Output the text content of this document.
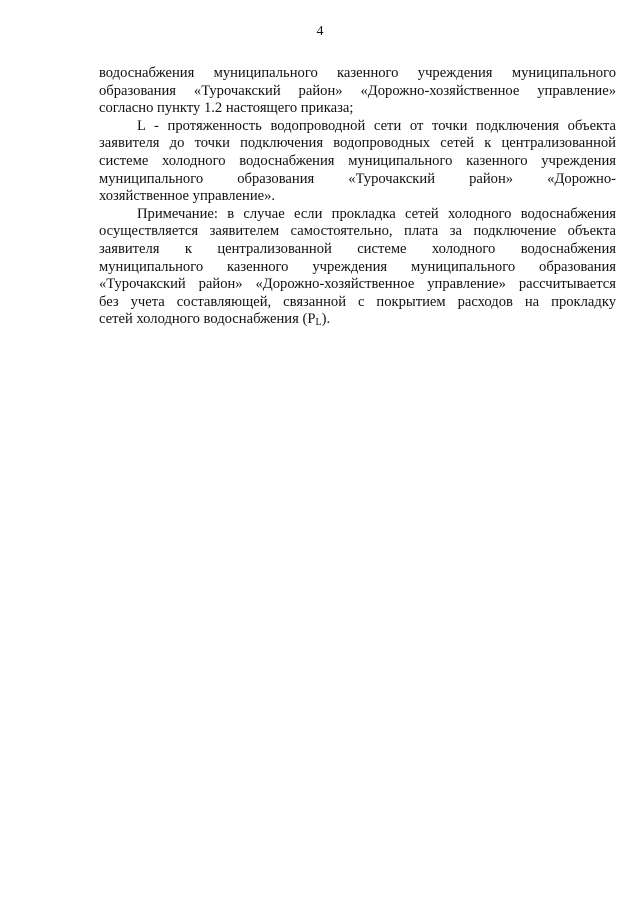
4
водоснабжения муниципального казенного учреждения муниципального
образования «Турочакский район» «Дорожно-хозяйственное управление»
согласно пункту 1.2 настоящего приказа;
L - протяженность водопроводной сети от точки подключения объекта
заявителя до точки подключения водопроводных сетей к централизованной
системе холодного водоснабжения муниципального казенного учреждения
муниципального образования «Турочакский район» «Дорожно-
хозяйственное управление».
Примечание: в случае если прокладка сетей холодного водоснабжения
осуществляется заявителем самостоятельно, плата за подключение объекта
заявителя к централизованной системе холодного водоснабжения
муниципального казенного учреждения муниципального образования
«Турочакский район» «Дорожно-хозяйственное управление» рассчитывается
без учета составляющей, связанной с покрытием расходов на прокладку
сетей холодного водоснабжения $(P_L)$.
